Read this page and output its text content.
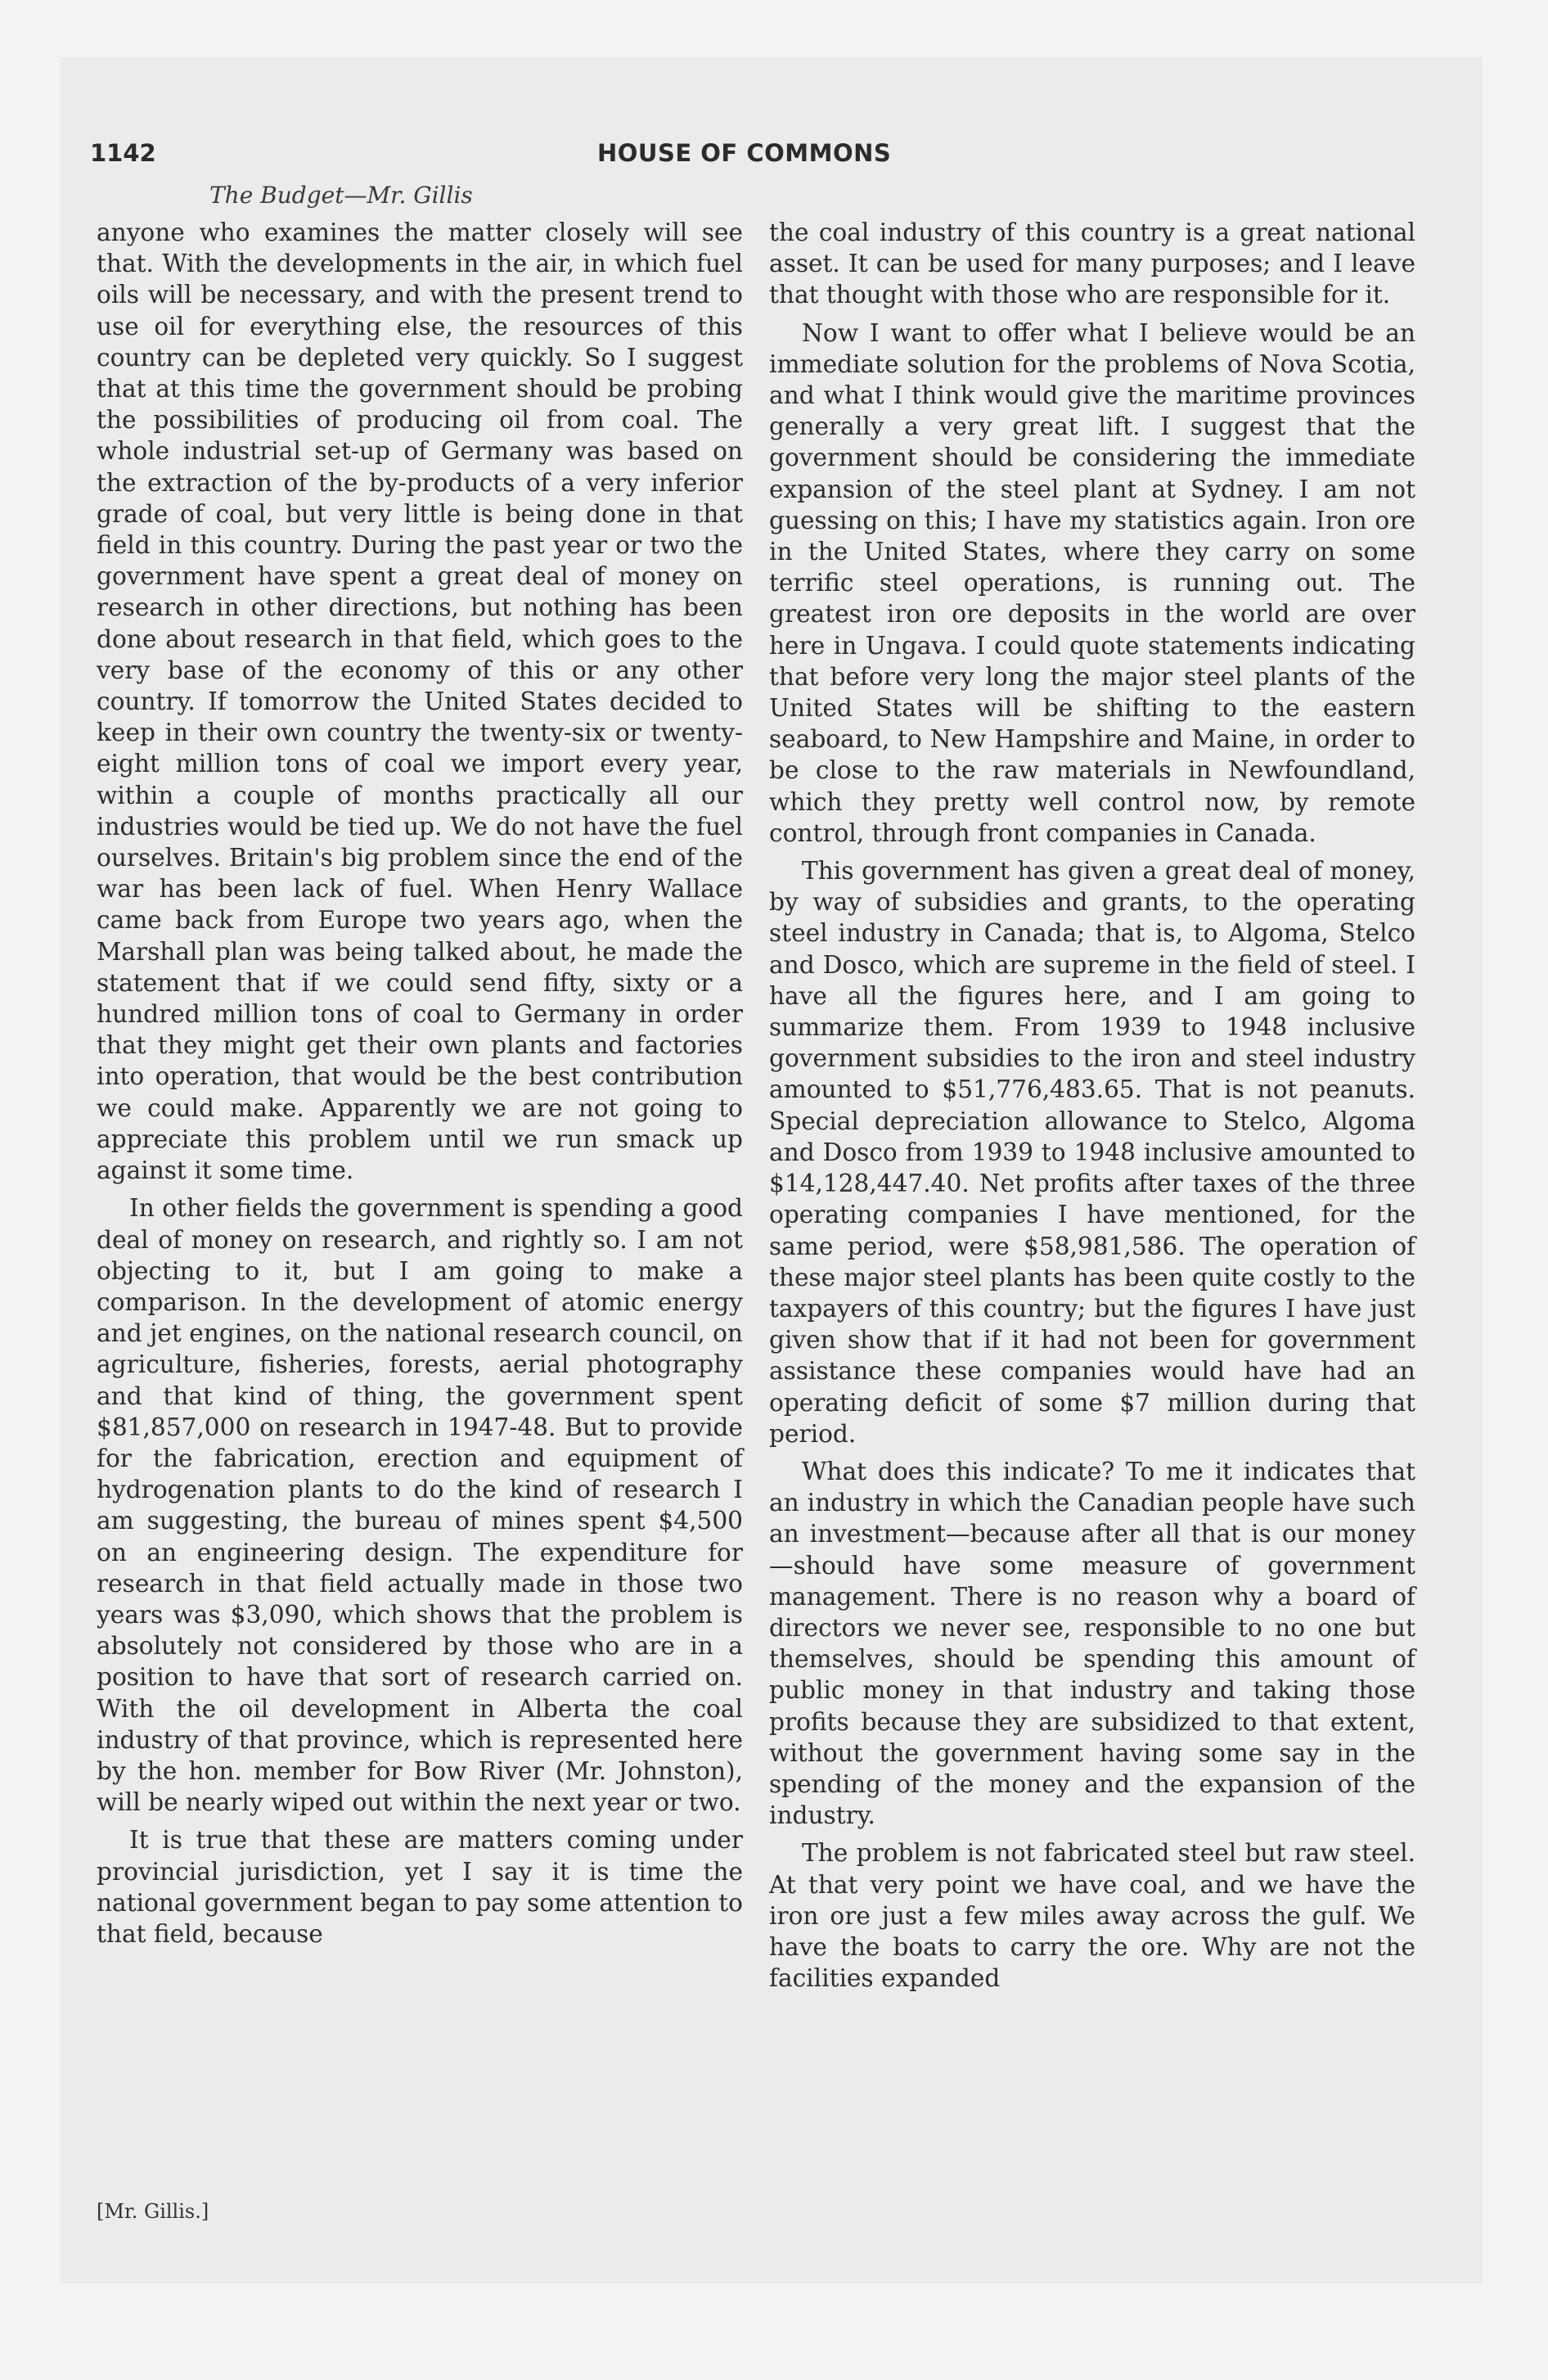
1142	HOUSE OF COMMONS
The Budget—Mr. Gillis

anyone who examines the matter closely will see that. With the developments in the air, in which fuel oils will be necessary, and with the present trend to use oil for everything else, the resources of this country can be depleted very quickly. So I suggest that at this time the government should be probing the possibilities of producing oil from coal. The whole industrial set-up of Germany was based on the extraction of the by-products of a very inferior grade of coal, but very little is being done in that field in this country. During the past year or two the government have spent a great deal of money on research in other directions, but nothing has been done about research in that field, which goes to the very base of the economy of this or any other country. If tomorrow the United States decided to keep in their own country the twenty-six or twenty-eight million tons of coal we import every year, within a couple of months practically all our industries would be tied up. We do not have the fuel ourselves. Britain's big problem since the end of the war has been lack of fuel. When Henry Wallace came back from Europe two years ago, when the Marshall plan was being talked about, he made the statement that if we could send fifty, sixty or a hundred million tons of coal to Germany in order that they might get their own plants and factories into operation, that would be the best contribution we could make. Apparently we are not going to appreciate this problem until we run smack up against it some time.

In other fields the government is spending a good deal of money on research, and rightly so. I am not objecting to it, but I am going to make a comparison. In the development of atomic energy and jet engines, on the national research council, on agriculture, fisheries, forests, aerial photography and that kind of thing, the government spent $81,857,000 on research in 1947-48. But to provide for the fabrication, erection and equipment of hydrogenation plants to do the kind of research I am suggesting, the bureau of mines spent $4,500 on an engineering design. The expenditure for research in that field actually made in those two years was $3,090, which shows that the problem is absolutely not considered by those who are in a position to have that sort of research carried on. With the oil development in Alberta the coal industry of that province, which is represented here by the hon. member for Bow River (Mr. Johnston), will be nearly wiped out within the next year or two.

It is true that these are matters coming under provincial jurisdiction, yet I say it is time the national government began to pay some attention to that field, because

the coal industry of this country is a great national asset. It can be used for many purposes; and I leave that thought with those who are responsible for it.

Now I want to offer what I believe would be an immediate solution for the problems of Nova Scotia, and what I think would give the maritime provinces generally a very great lift. I suggest that the government should be considering the immediate expansion of the steel plant at Sydney. I am not guessing on this; I have my statistics again. Iron ore in the United States, where they carry on some terrific steel operations, is running out. The greatest iron ore deposits in the world are over here in Ungava. I could quote statements indicating that before very long the major steel plants of the United States will be shifting to the eastern seaboard, to New Hampshire and Maine, in order to be close to the raw materials in Newfoundland, which they pretty well control now, by remote control, through front companies in Canada.

This government has given a great deal of money, by way of subsidies and grants, to the operating steel industry in Canada; that is, to Algoma, Stelco and Dosco, which are supreme in the field of steel. I have all the figures here, and I am going to summarize them. From 1939 to 1948 inclusive government subsidies to the iron and steel industry amounted to $51,776,483.65. That is not peanuts. Special depreciation allowance to Stelco, Algoma and Dosco from 1939 to 1948 inclusive amounted to $14,128,447.40. Net profits after taxes of the three operating companies I have mentioned, for the same period, were $58,981,586. The operation of these major steel plants has been quite costly to the taxpayers of this country; but the figures I have just given show that if it had not been for government assistance these companies would have had an operating deficit of some $7 million during that period.

What does this indicate? To me it indicates that an industry in which the Canadian people have such an investment—because after all that is our money—should have some measure of government management. There is no reason why a board of directors we never see, responsible to no one but themselves, should be spending this amount of public money in that industry and taking those profits because they are subsidized to that extent, without the government having some say in the spending of the money and the expansion of the industry.

The problem is not fabricated steel but raw steel. At that very point we have coal, and we have the iron ore just a few miles away across the gulf. We have the boats to carry the ore. Why are not the facilities expanded

[Mr. Gillis.]
